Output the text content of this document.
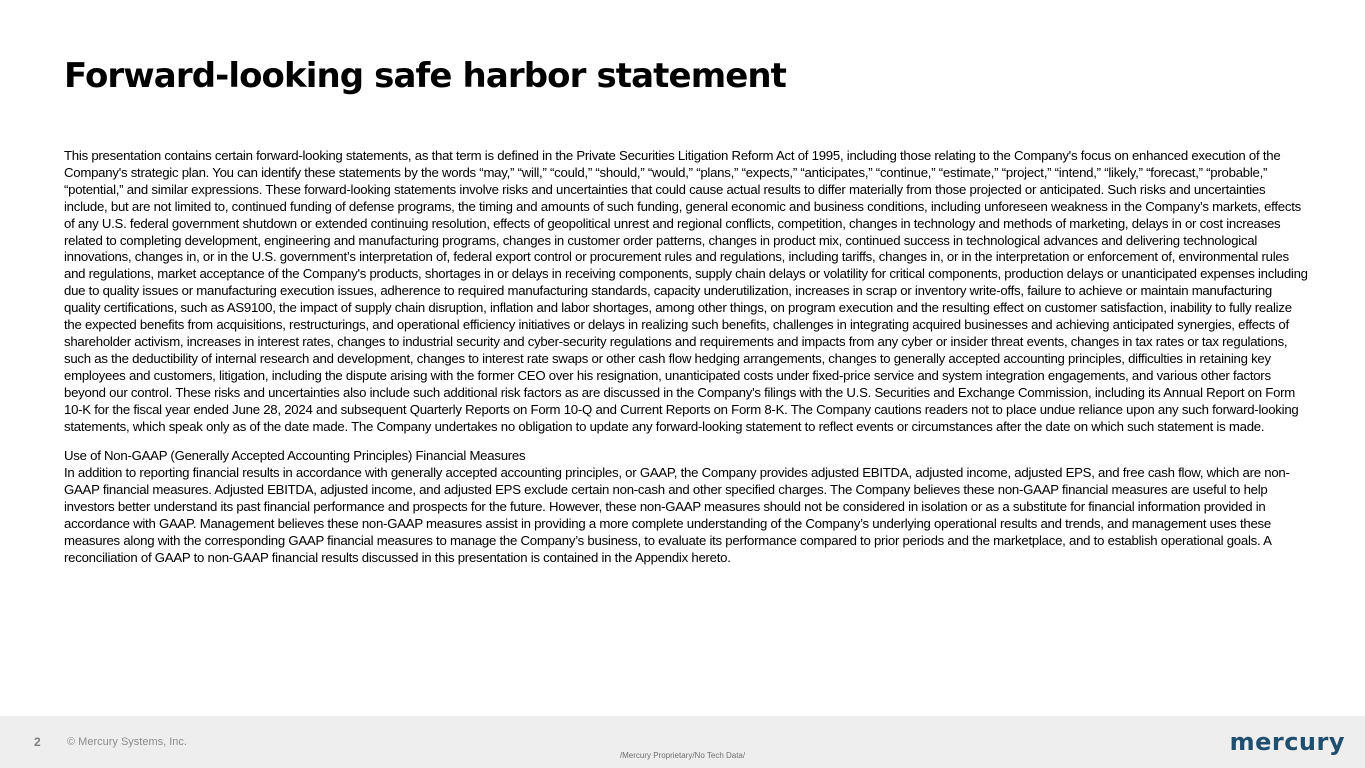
Forward-looking safe harbor statement

This presentation contains certain forward-looking statements, as that term is defined in the Private Securities Litigation Reform Act of 1995, including those relating to the Company's focus on enhanced execution of the Company's strategic plan. You can identify these statements by the words “may,” “will,” “could,” “should,” “would,” “plans,” “expects,” “anticipates,” “continue,” “estimate,” “project,” “intend,” “likely,” “forecast,” “probable,” “potential,” and similar expressions. These forward-looking statements involve risks and uncertainties that could cause actual results to differ materially from those projected or anticipated. Such risks and uncertainties include, but are not limited to, continued funding of defense programs, the timing and amounts of such funding, general economic and business conditions, including unforeseen weakness in the Company’s markets, effects of any U.S. federal government shutdown or extended continuing resolution, effects of geopolitical unrest and regional conflicts, competition, changes in technology and methods of marketing, delays in or cost increases related to completing development, engineering and manufacturing programs, changes in customer order patterns, changes in product mix, continued success in technological advances and delivering technological innovations, changes in, or in the U.S. government’s interpretation of, federal export control or procurement rules and regulations, including tariffs, changes in, or in the interpretation or enforcement of, environmental rules and regulations, market acceptance of the Company's products, shortages in or delays in receiving components, supply chain delays or volatility for critical components, production delays or unanticipated expenses including due to quality issues or manufacturing execution issues, adherence to required manufacturing standards, capacity underutilization, increases in scrap or inventory write-offs, failure to achieve or maintain manufacturing quality certifications, such as AS9100, the impact of supply chain disruption, inflation and labor shortages, among other things, on program execution and the resulting effect on customer satisfaction, inability to fully realize the expected benefits from acquisitions, restructurings, and operational efficiency initiatives or delays in realizing such benefits, challenges in integrating acquired businesses and achieving anticipated synergies, effects of shareholder activism, increases in interest rates, changes to industrial security and cyber-security regulations and requirements and impacts from any cyber or insider threat events, changes in tax rates or tax regulations, such as the deductibility of internal research and development, changes to interest rate swaps or other cash flow hedging arrangements, changes to generally accepted accounting principles, difficulties in retaining key employees and customers, litigation, including the dispute arising with the former CEO over his resignation, unanticipated costs under fixed-price service and system integration engagements, and various other factors beyond our control. These risks and uncertainties also include such additional risk factors as are discussed in the Company's filings with the U.S. Securities and Exchange Commission, including its Annual Report on Form 10-K for the fiscal year ended June 28, 2024 and subsequent Quarterly Reports on Form 10-Q and Current Reports on Form 8-K. The Company cautions readers not to place undue reliance upon any such forward-looking statements, which speak only as of the date made. The Company undertakes no obligation to update any forward-looking statement to reflect events or circumstances after the date on which such statement is made.

Use of Non-GAAP (Generally Accepted Accounting Principles) Financial Measures

In addition to reporting financial results in accordance with generally accepted accounting principles, or GAAP, the Company provides adjusted EBITDA, adjusted income, adjusted EPS, and free cash flow, which are non-GAAP financial measures. Adjusted EBITDA, adjusted income, and adjusted EPS exclude certain non-cash and other specified charges. The Company believes these non-GAAP financial measures are useful to help investors better understand its past financial performance and prospects for the future. However, these non-GAAP measures should not be considered in isolation or as a substitute for financial information provided in accordance with GAAP. Management believes these non-GAAP measures assist in providing a more complete understanding of the Company’s underlying operational results and trends, and management uses these measures along with the corresponding GAAP financial measures to manage the Company’s business, to evaluate its performance compared to prior periods and the marketplace, and to establish operational goals. A reconciliation of GAAP to non-GAAP financial results discussed in this presentation is contained in the Appendix hereto.

2 © Mercury Systems, Inc.
/Mercury Proprietary/No Tech Data/	mercury
